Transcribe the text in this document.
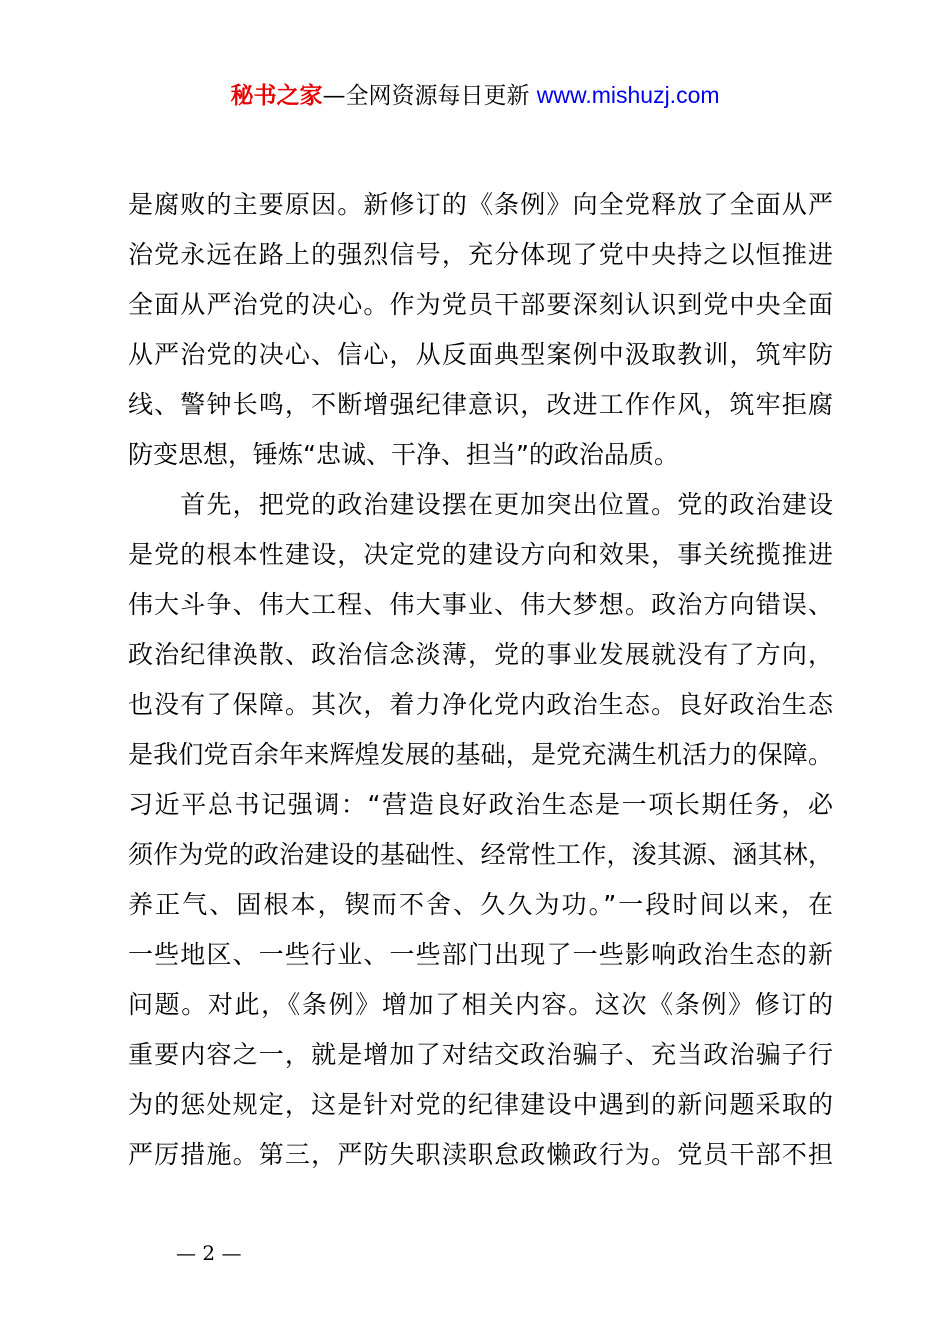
秘书之家—全网资源每日更新 www.mishuzj.com
是腐败的主要原因。新修订的《条例》向全党释放了全面从严
治党永远在路上的强烈信号，充分体现了党中央持之以恒推进
全面从严治党的决心。作为党员干部要深刻认识到党中央全面
从严治党的决心、信心，从反面典型案例中汲取教训，筑牢防
线、警钟长鸣，不断增强纪律意识，改进工作作风，筑牢拒腐
防变思想，锤炼“忠诚、干净、担当”的政治品质。
　　首先，把党的政治建设摆在更加突出位置。党的政治建设
是党的根本性建设，决定党的建设方向和效果，事关统揽推进
伟大斗争、伟大工程、伟大事业、伟大梦想。政治方向错误、
政治纪律涣散、政治信念淡薄，党的事业发展就没有了方向，
也没有了保障。其次，着力净化党内政治生态。良好政治生态
是我们党百余年来辉煌发展的基础，是党充满生机活力的保障。
习近平总书记强调：“营造良好政治生态是一项长期任务，必
须作为党的政治建设的基础性、经常性工作，浚其源、涵其林，
养正气、固根本，锲而不舍、久久为功。”一段时间以来，在
一些地区、一些行业、一些部门出现了一些影响政治生态的新
问题。对此，《条例》增加了相关内容。这次《条例》修订的
重要内容之一，就是增加了对结交政治骗子、充当政治骗子行
为的惩处规定，这是针对党的纪律建设中遇到的新问题采取的
严厉措施。第三，严防失职渎职怠政懒政行为。党员干部不担
— 2 —
